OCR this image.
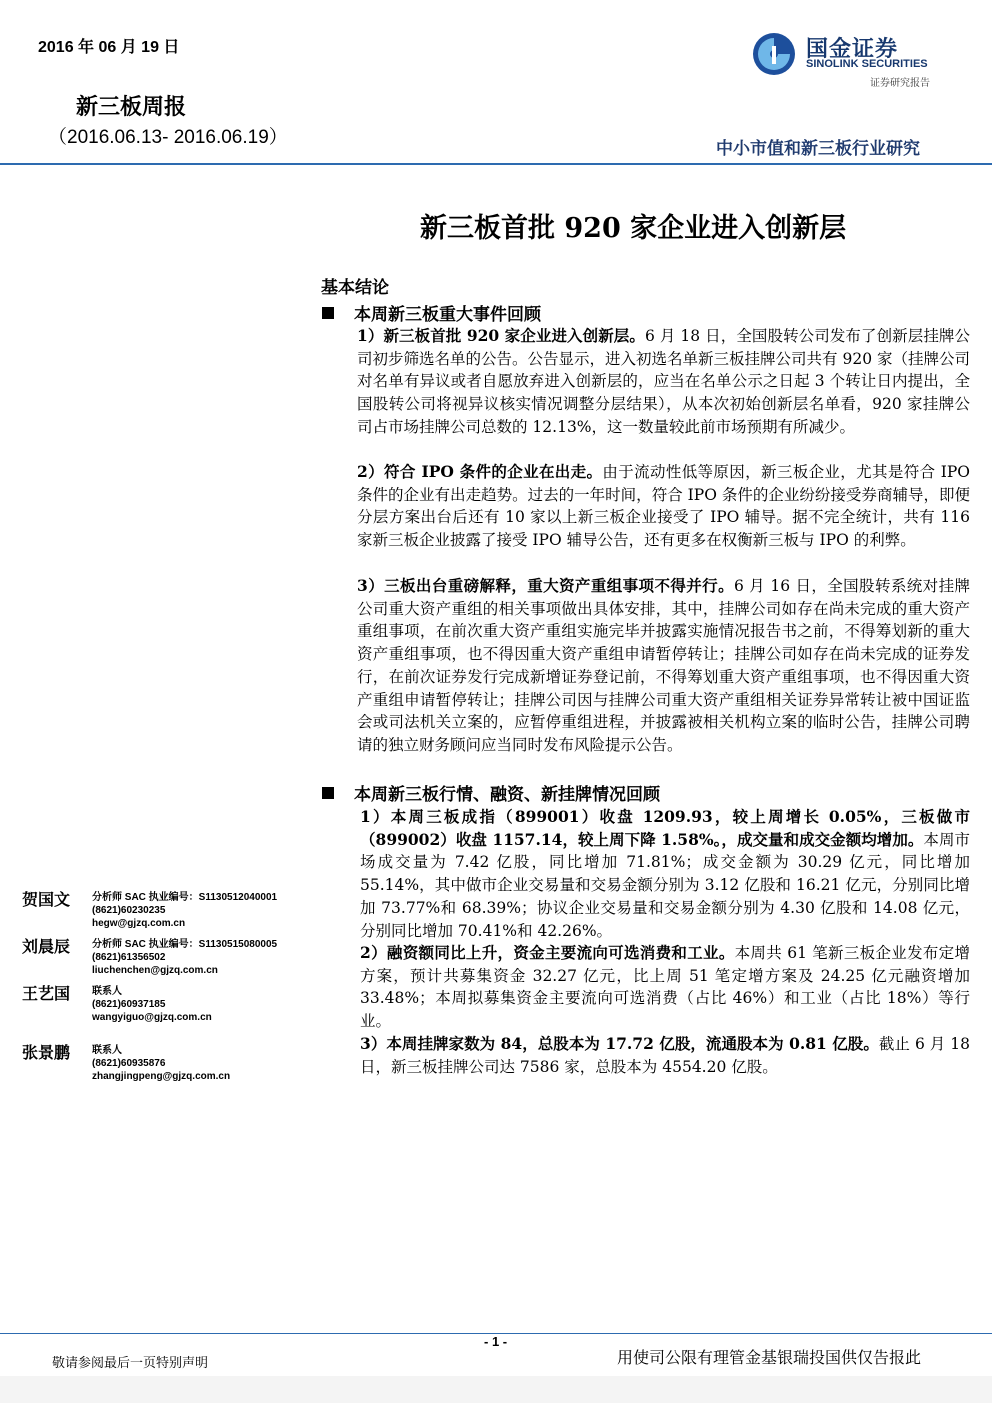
2016 年 06 月 19 日
新三板周报
（2016.06.13- 2016.06.19）
国金证券
SINOLINK SECURITIES
证券研究报告
中小市值和新三板行业研究
新三板首批 920 家企业进入创新层
基本结论
本周新三板重大事件回顾
1）新三板首批 920 家企业进入创新层。6 月 18 日，全国股转公司发布了创新层挂牌公司初步筛选名单的公告。公告显示，进入初选名单新三板挂牌公司共有 920 家（挂牌公司对名单有异议或者自愿放弃进入创新层的，应当在名单公示之日起 3 个转让日内提出，全国股转公司将视异议核实情况调整分层结果），从本次初始创新层名单看，920 家挂牌公司占市场挂牌公司总数的 12.13%，这一数量较此前市场预期有所减少。
2）符合 IPO 条件的企业在出走。由于流动性低等原因，新三板企业，尤其是符合 IPO 条件的企业有出走趋势。过去的一年时间，符合 IPO 条件的企业纷纷接受券商辅导，即便分层方案出台后还有 10 家以上新三板企业接受了 IPO 辅导。据不完全统计，共有 116 家新三板企业披露了接受 IPO 辅导公告，还有更多在权衡新三板与 IPO 的利弊。
3）三板出台重磅解释，重大资产重组事项不得并行。6 月 16 日，全国股转系统对挂牌公司重大资产重组的相关事项做出具体安排，其中，挂牌公司如存在尚未完成的重大资产重组事项，在前次重大资产重组实施完毕并披露实施情况报告书之前，不得筹划新的重大资产重组事项，也不得因重大资产重组申请暂停转让；挂牌公司如存在尚未完成的证券发行，在前次证券发行完成新增证券登记前，不得筹划重大资产重组事项，也不得因重大资产重组申请暂停转让；挂牌公司因与挂牌公司重大资产重组相关证券异常转让被中国证监会或司法机关立案的，应暂停重组进程，并披露被相关机构立案的临时公告，挂牌公司聘请的独立财务顾问应当同时发布风险提示公告。
本周新三板行情、融资、新挂牌情况回顾
1）本周三板成指（899001）收盘 1209.93，较上周增长 0.05%，三板做市（899002）收盘 1157.14，较上周下降 1.58%。，成交量和成交金额均增加。本周市场成交量为 7.42 亿股，同比增加 71.81%；成交金额为 30.29 亿元，同比增加 55.14%，其中做市企业交易量和交易金额分别为 3.12 亿股和 16.21 亿元，分别同比增加 73.77%和 68.39%；协议企业交易量和交易金额分别为 4.30 亿股和 14.08 亿元，分别同比增加 70.41%和 42.26%。
2）融资额同比上升，资金主要流向可选消费和工业。本周共 61 笔新三板企业发布定增方案，预计共募集资金 32.27 亿元，比上周 51 笔定增方案及 24.25 亿元融资增加 33.48%；本周拟募集资金主要流向可选消费（占比 46%）和工业（占比 18%）等行业。
3）本周挂牌家数为 84，总股本为 17.72 亿股，流通股本为 0.81 亿股。截止 6 月 18 日，新三板挂牌公司达 7586 家，总股本为 4554.20 亿股。
贺国文 分析师 SAC 执业编号：S1130512040001
(8621)60230235
hegw@gjzq.com.cn
刘晨辰 分析师 SAC 执业编号：S1130515080005
(8621)61356502
liuchenchen@gjzq.com.cn
王艺国 联系人
(8621)60937185
wangyiguo@gjzq.com.cn
张景鹏 联系人
(8621)60935876
zhangjingpeng@gjzq.com.cn
- 1 -
敬请参阅最后一页特别声明	用使司公限有理管金基银瑞投国供仅告报此
